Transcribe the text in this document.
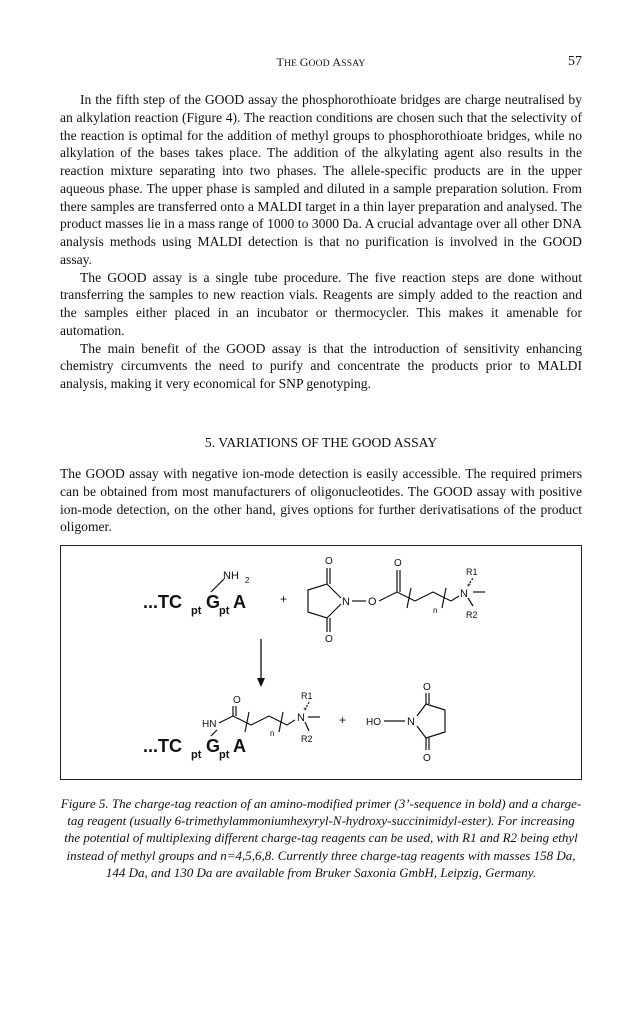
THE GOOD ASSAY	57

In the fifth step of the GOOD assay the phosphorothioate bridges are charge neutralised by an alkylation reaction (Figure 4). The reaction conditions are chosen such that the selectivity of the reaction is optimal for the addition of methyl groups to phosphorothioate bridges, while no alkylation of the bases takes place. The addition of the alkylating agent also results in the reaction mixture separating into two phases. The allele-specific products are in the upper aqueous phase. The upper phase is sampled and diluted in a sample preparation solution. From there samples are transferred onto a MALDI target in a thin layer preparation and analysed. The product masses lie in a mass range of 1000 to 3000 Da. A crucial advantage over all other DNA analysis methods using MALDI detection is that no purification is involved in the GOOD assay.

The GOOD assay is a single tube procedure. The five reaction steps are done without transferring the samples to new reaction vials. Reagents are simply added to the reaction and the samples either placed in an incubator or thermocycler. This makes it amenable for automation.

The main benefit of the GOOD assay is that the introduction of sensitivity enhancing chemistry circumvents the need to purify and concentrate the products prior to MALDI analysis, making it very economical for SNP genotyping.

5. VARIATIONS OF THE GOOD ASSAY

The GOOD assay with negative ion-mode detection is easily accessible. The required primers can be obtained from most manufacturers of oligonucleotides. The GOOD assay with positive ion-mode detection, on the other hand, gives options for further derivatisations of the product oligomer.

...TC pt G
pt A
NH 2
+
O
O
N O
O
n
N
+
R1
R2
...TC pt G
pt A
HN
O
n
N
+
R1
R2
+ HO N
O
O
Figure 5. The charge-tag reaction of an amino-modified primer (3’-sequence in bold) and a charge-tag reagent (usually 6-trimethylammoniumhexyryl-N-hydroxy-succinimidyl-ester). For increasing the potential of multiplexing different charge-tag reagents can be used, with R1 and R2 being ethyl instead of methyl groups and n=4,5,6,8. Currently three charge-tag reagents with masses 158 Da, 144 Da, and 130 Da are available from Bruker Saxonia GmbH, Leipzig, Germany.
